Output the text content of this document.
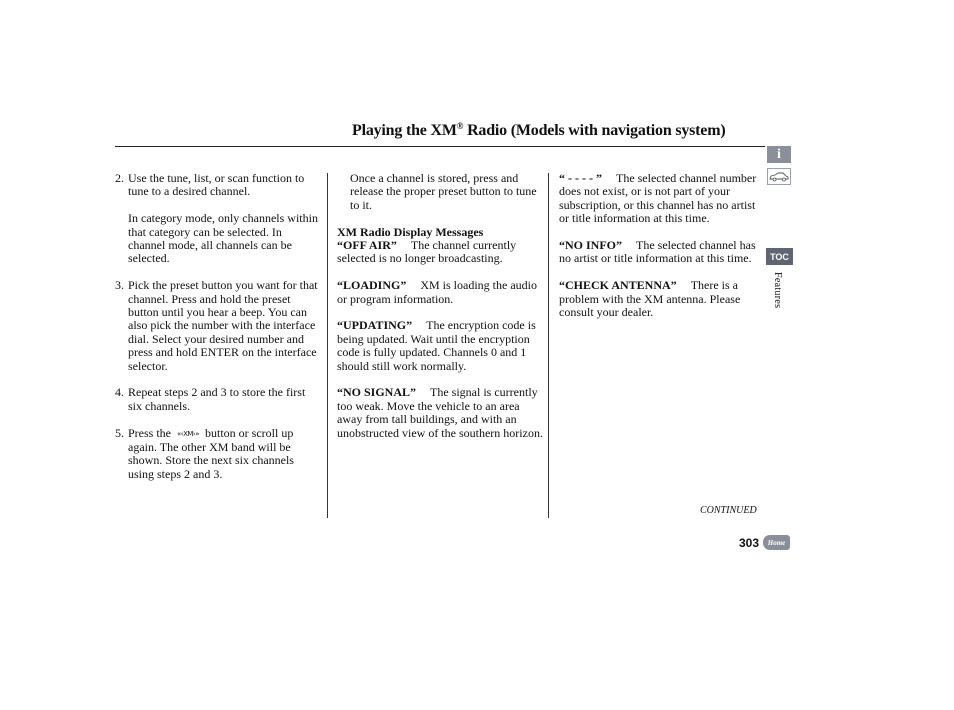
Playing the XM® Radio (Models with navigation system)
2. Use the tune, list, or scan function to tune to a desired channel.

In category mode, only channels within that category can be selected. In channel mode, all channels can be selected.

3. Pick the preset button you want for that channel. Press and hold the preset button until you hear a beep. You can also pick the number with the interface dial. Select your desired number and press and hold ENTER on the interface selector.

4. Repeat steps 2 and 3 to store the first six channels.

5. Press the «‹XM›» button or scroll up again. The other XM band will be shown. Store the next six channels using steps 2 and 3.

Once a channel is stored, press and release the proper preset button to tune to it.

XM Radio Display Messages
“OFF AIR” The channel currently selected is no longer broadcasting.

“LOADING” XM is loading the audio or program information.

“UPDATING” The encryption code is being updated. Wait until the encryption code is fully updated. Channels 0 and 1 should still work normally.

“NO SIGNAL” The signal is currently too weak. Move the vehicle to an area away from tall buildings, and with an unobstructed view of the southern horizon.

“ - - - - ” The selected channel number does not exist, or is not part of your subscription, or this channel has no artist or title information at this time.

“NO INFO” The selected channel has no artist or title information at this time.

“CHECK ANTENNA” There is a problem with the XM antenna. Please consult your dealer.

i
TOC
Features
CONTINUED
303	Home
